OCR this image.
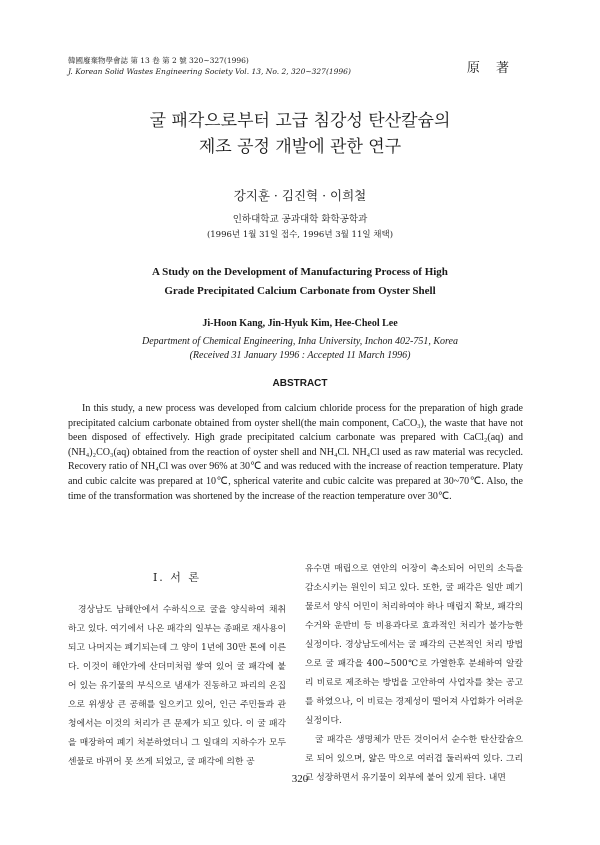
韓國廢棄物學會誌 第 13 卷 第 2 號 320~327(1996)
J. Korean Solid Wastes Engineering Society Vol. 13, No. 2, 320~327(1996)	原 著
굴 패각으로부터 고급 침강성 탄산칼슘의
제조 공정 개발에 관한 연구
강지훈 · 김진혁 · 이희철
인하대학교 공과대학 화학공학과
(1996년 1월 31일 접수, 1996년 3월 11일 채택)
A Study on the Development of Manufacturing Process of High
Grade Precipitated Calcium Carbonate from Oyster Shell
Ji-Hoon Kang, Jin-Hyuk Kim, Hee-Cheol Lee
Department of Chemical Engineering, Inha University, Inchon 402-751, Korea
(Received 31 January 1996 : Accepted 11 March 1996)
ABSTRACT
In this study, a new process was developed from calcium chloride process for the preparation of high grade precipitated calcium carbonate obtained from oyster shell(the main component, CaCO₃), the waste that have not been disposed of effectively. High grade precipitated calcium carbonate was prepared with CaCl₂(aq) and (NH₄)₂CO₃(aq) obtained from the reaction of oyster shell and NH₄Cl. NH₄Cl used as raw material was recycled. Recovery ratio of NH₄Cl was over 96% at 30℃ and was reduced with the increase of reaction temperature. Platy and cubic calcite was prepared at 10℃, spherical vaterite and cubic calcite was prepared at 30~70℃. Also, the time of the transformation was shortened by the increase of the reaction temperature over 30℃.
Ⅰ. 서 론

경상남도 남해안에서 수하식으로 굴을 양식하여 채취하고 있다. 여기에서 나온 패각의 일부는 종패로 재사용이 되고 나머지는 폐기되는데 그 양이 1년에 30만 톤에 이른다. 이것이 해안가에 산더미처럼 쌓여 있어 굴 패각에 붙어 있는 유기물의 부식으로 냄새가 진동하고 파리의 온집으로 위생상 큰 공해를 일으키고 있어, 인근 주민들과 관청에서는 이것의 처리가 큰 문제가 되고 있다. 이 굴 패각을 매장하여 폐기 처분하였더니 그 일대의 지하수가 모두 센물로 바뀌어 못 쓰게 되었고, 굴 패각에 의한 공

유수면 매립으로 연안의 어장이 축소되어 어민의 소득을 감소시키는 원인이 되고 있다. 또한, 굴 패각은 일반 폐기물로서 양식 어민이 처리하여야 하나 매립지 확보, 패각의 수거와 운반비 등 비용과다로 효과적인 처리가 불가능한 실정이다. 경상남도에서는 굴 패각의 근본적인 처리 방법으로 굴 패각을 400~500℃로 가열한후 분쇄하여 알칼리 비료로 제조하는 방법을 고안하여 사업자를 찾는 공고를 하였으나, 이 비료는 경제성이 떨어져 사업화가 어려운 실정이다.

굴 패각은 생명체가 만든 것이어서 순수한 탄산칼슘으로 되어 있으며, 얇은 막으로 여러겹 둘러싸여 있다. 그리고 성장하면서 유기물이 외부에 붙어 있게 된다. 내면

320
